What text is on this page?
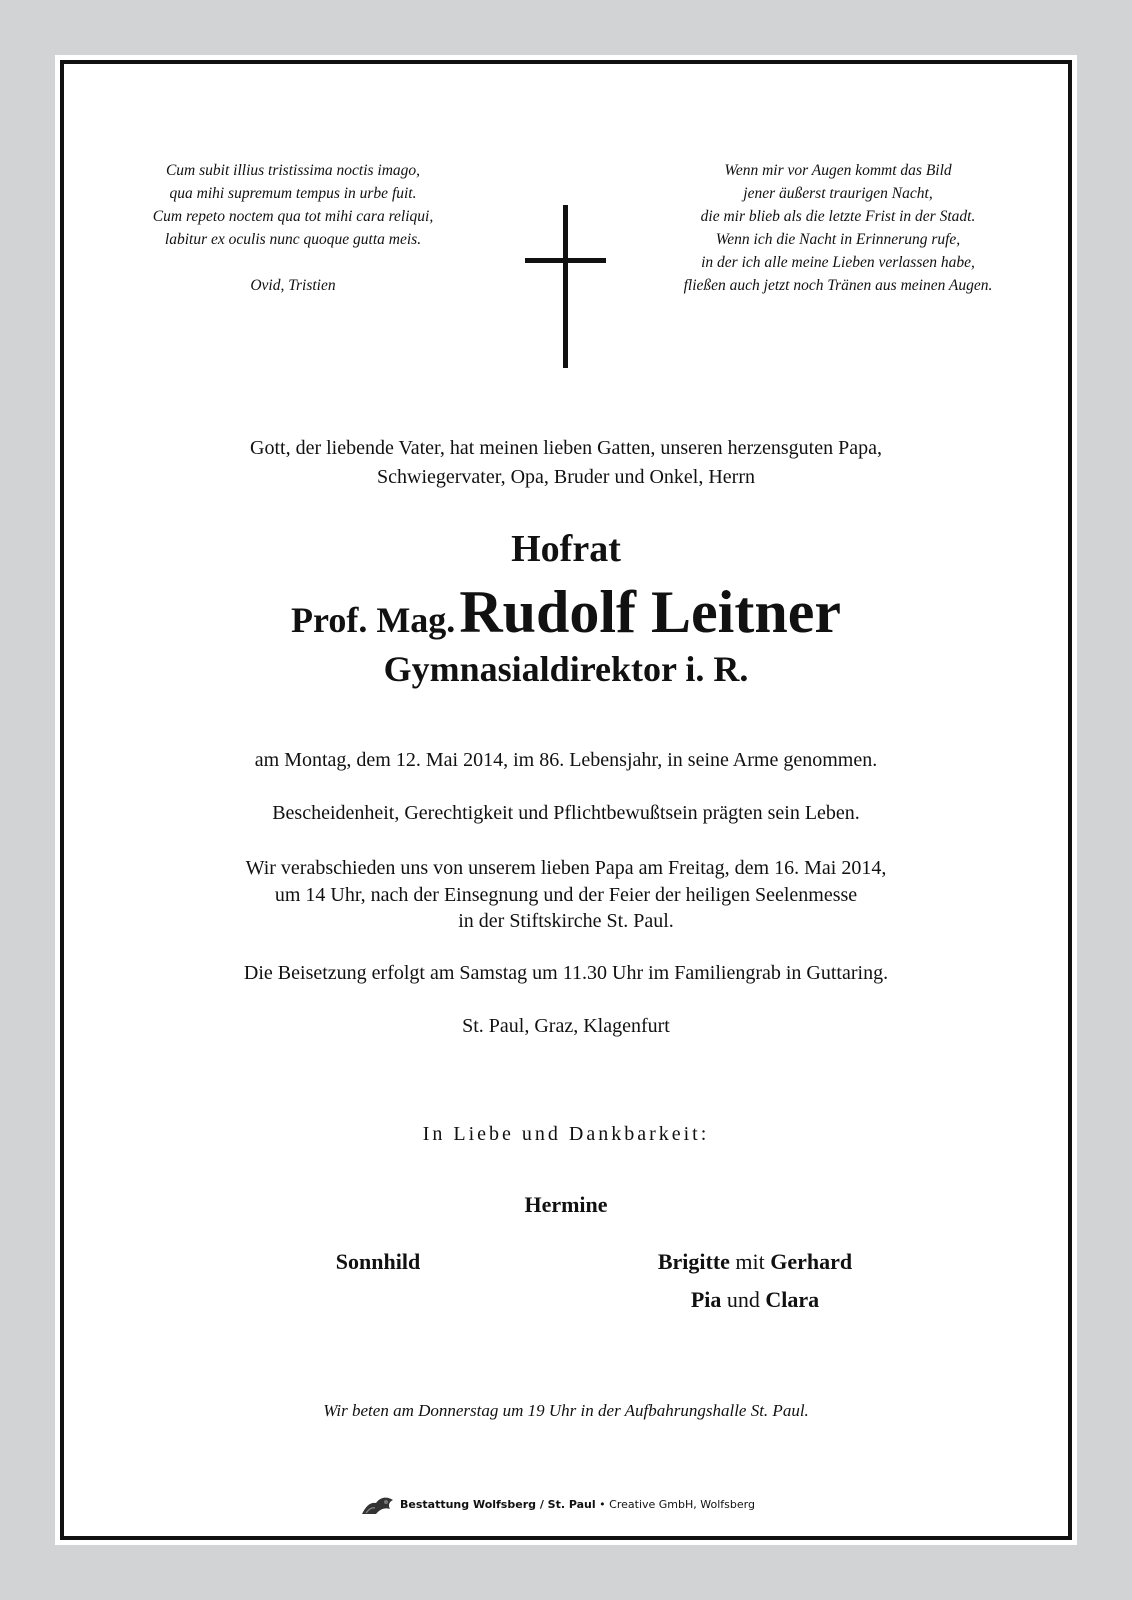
Cum subit illius tristissima noctis imago,
qua mihi supremum tempus in urbe fuit.
Cum repeto noctem qua tot mihi cara reliqui,
labitur ex oculis nunc quoque gutta meis.
Ovid, Tristien
Wenn mir vor Augen kommt das Bild
jener äußerst traurigen Nacht,
die mir blieb als die letzte Frist in der Stadt.
Wenn ich die Nacht in Erinnerung rufe,
in der ich alle meine Lieben verlassen habe,
fließen auch jetzt noch Tränen aus meinen Augen.
Gott, der liebende Vater, hat meinen lieben Gatten, unseren herzensguten Papa,
Schwiegervater, Opa, Bruder und Onkel, Herrn
Hofrat
Prof. Mag. Rudolf Leitner
Gymnasialdirektor i. R.
am Montag, dem 12. Mai 2014, im 86. Lebensjahr, in seine Arme genommen.
Bescheidenheit, Gerechtigkeit und Pflichtbewußtsein prägten sein Leben.
Wir verabschieden uns von unserem lieben Papa am Freitag, dem 16. Mai 2014,
um 14 Uhr, nach der Einsegnung und der Feier der heiligen Seelenmesse
in der Stiftskirche St. Paul.
Die Beisetzung erfolgt am Samstag um 11.30 Uhr im Familiengrab in Guttaring.
St. Paul, Graz, Klagenfurt
In Liebe und Dankbarkeit:
Hermine
Sonnhild	Brigitte mit Gerhard
Pia und Clara
Wir beten am Donnerstag um 19 Uhr in der Aufbahrungshalle St. Paul.
Bestattung Wolfsberg / St. Paul • Creative GmbH, Wolfsberg
